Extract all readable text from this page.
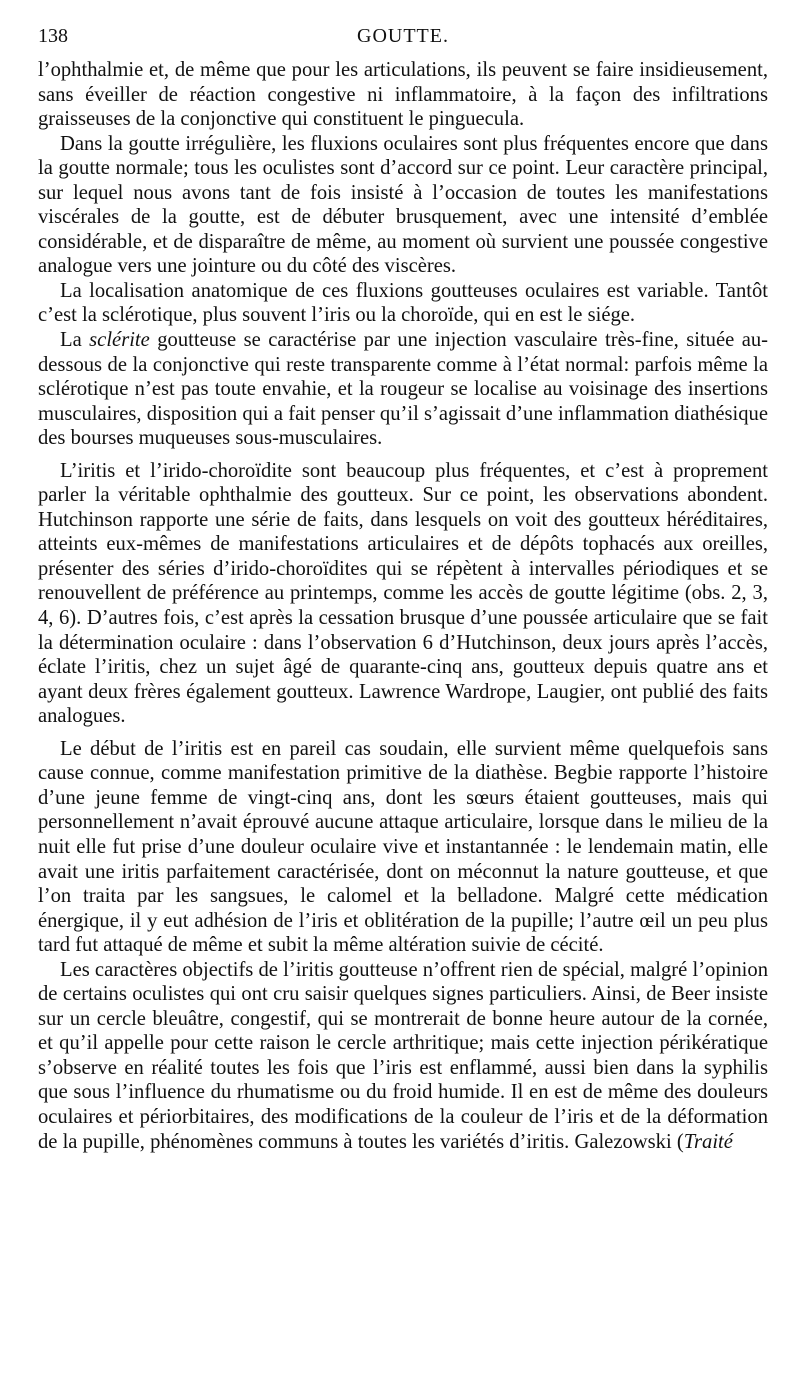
138	GOUTTE.

l’ophthalmie et, de même que pour les articulations, ils peuvent se faire insidieusement, sans éveiller de réaction congestive ni inflammatoire, à la façon des infiltrations graisseuses de la conjonctive qui constituent le pinguecula.

Dans la goutte irrégulière, les fluxions oculaires sont plus fréquentes encore que dans la goutte normale; tous les oculistes sont d’accord sur ce point. Leur caractère principal, sur lequel nous avons tant de fois insisté à l’occasion de toutes les manifestations viscérales de la goutte, est de débuter brusquement, avec une intensité d’emblée considérable, et de disparaître de même, au moment où survient une poussée congestive analogue vers une jointure ou du côté des viscères.

La localisation anatomique de ces fluxions goutteuses oculaires est variable. Tantôt c’est la sclérotique, plus souvent l’iris ou la choroïde, qui en est le siége.

La sclérite goutteuse se caractérise par une injection vasculaire très-fine, située au-dessous de la conjonctive qui reste transparente comme à l’état normal: parfois même la sclérotique n’est pas toute envahie, et la rougeur se localise au voisinage des insertions musculaires, disposition qui a fait penser qu’il s’agissait d’une inflammation diathésique des bourses muqueuses sous-musculaires.

L’iritis et l’irido-choroïdite sont beaucoup plus fréquentes, et c’est à proprement parler la véritable ophthalmie des goutteux. Sur ce point, les observations abondent. Hutchinson rapporte une série de faits, dans lesquels on voit des goutteux héréditaires, atteints eux-mêmes de manifestations articulaires et de dépôts tophacés aux oreilles, présenter des séries d’irido-choroïdites qui se répètent à intervalles périodiques et se renouvellent de préférence au printemps, comme les accès de goutte légitime (obs. 2, 3, 4, 6). D’autres fois, c’est après la cessation brusque d’une poussée articulaire que se fait la détermination oculaire : dans l’observation 6 d’Hutchinson, deux jours après l’accès, éclate l’iritis, chez un sujet âgé de quarante-cinq ans, goutteux depuis quatre ans et ayant deux frères également goutteux. Lawrence Wardrope, Laugier, ont publié des faits analogues.

Le début de l’iritis est en pareil cas soudain, elle survient même quelquefois sans cause connue, comme manifestation primitive de la diathèse. Begbie rapporte l’histoire d’une jeune femme de vingt-cinq ans, dont les sœurs étaient goutteuses, mais qui personnellement n’avait éprouvé aucune attaque articulaire, lorsque dans le milieu de la nuit elle fut prise d’une douleur oculaire vive et instantannée : le lendemain matin, elle avait une iritis parfaitement caractérisée, dont on méconnut la nature goutteuse, et que l’on traita par les sangsues, le calomel et la belladone. Malgré cette médication énergique, il y eut adhésion de l’iris et oblitération de la pupille; l’autre œil un peu plus tard fut attaqué de même et subit la même altération suivie de cécité.

Les caractères objectifs de l’iritis goutteuse n’offrent rien de spécial, malgré l’opinion de certains oculistes qui ont cru saisir quelques signes particuliers. Ainsi, de Beer insiste sur un cercle bleuâtre, congestif, qui se montrerait de bonne heure autour de la cornée, et qu’il appelle pour cette raison le cercle arthritique; mais cette injection périkératique s’observe en réalité toutes les fois que l’iris est enflammé, aussi bien dans la syphilis que sous l’influence du rhumatisme ou du froid humide. Il en est de même des douleurs oculaires et périorbitaires, des modifications de la couleur de l’iris et de la déformation de la pupille, phénomènes communs à toutes les variétés d’iritis. Galezowski (Traité
